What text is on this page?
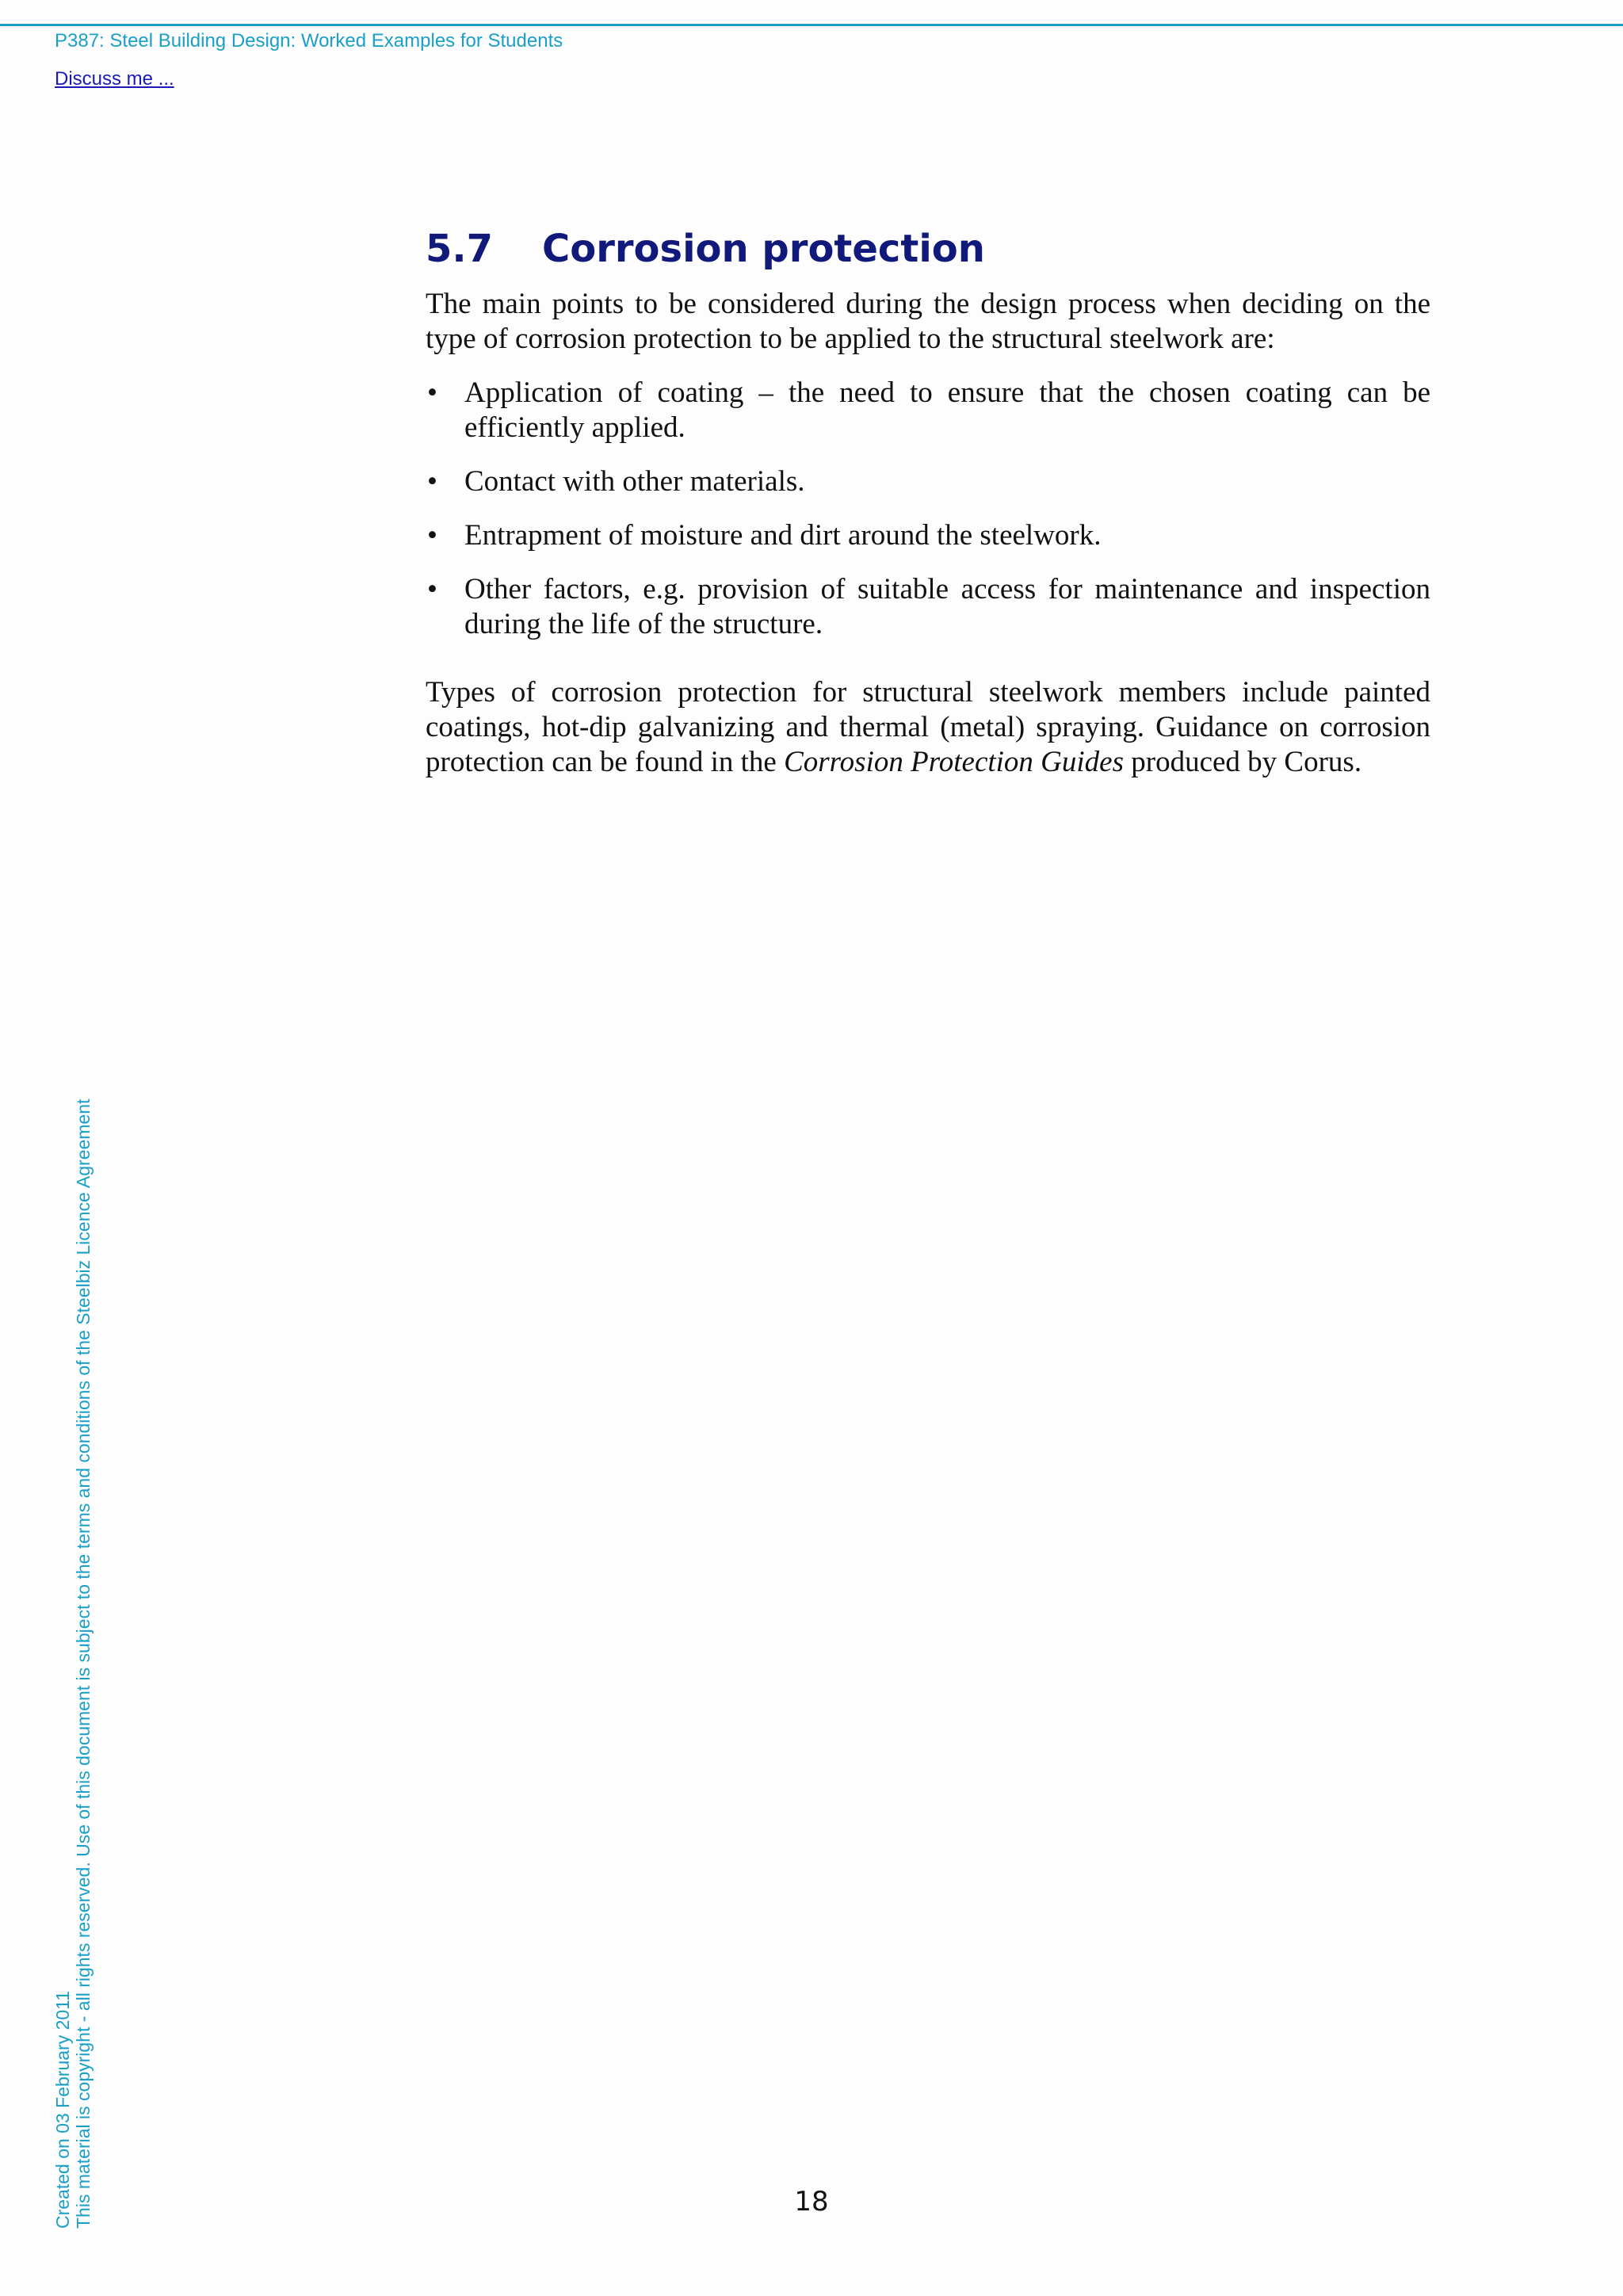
P387: Steel Building Design: Worked Examples for Students
Discuss me ...
5.7	Corrosion protection

The main points to be considered during the design process when deciding on the type of corrosion protection to be applied to the structural steelwork are:

• Application of coating – the need to ensure that the chosen coating can be efficiently applied.
• Contact with other materials.
• Entrapment of moisture and dirt around the steelwork.
• Other factors, e.g. provision of suitable access for maintenance and inspection during the life of the structure.

Types of corrosion protection for structural steelwork members include painted coatings, hot-dip galvanizing and thermal (metal) spraying. Guidance on corrosion protection can be found in the Corrosion Protection Guides produced by Corus.

Created on 03 February 2011 This material is copyright - all rights reserved. Use of this document is subject to the terms and conditions of the Steelbiz Licence Agreement	18
